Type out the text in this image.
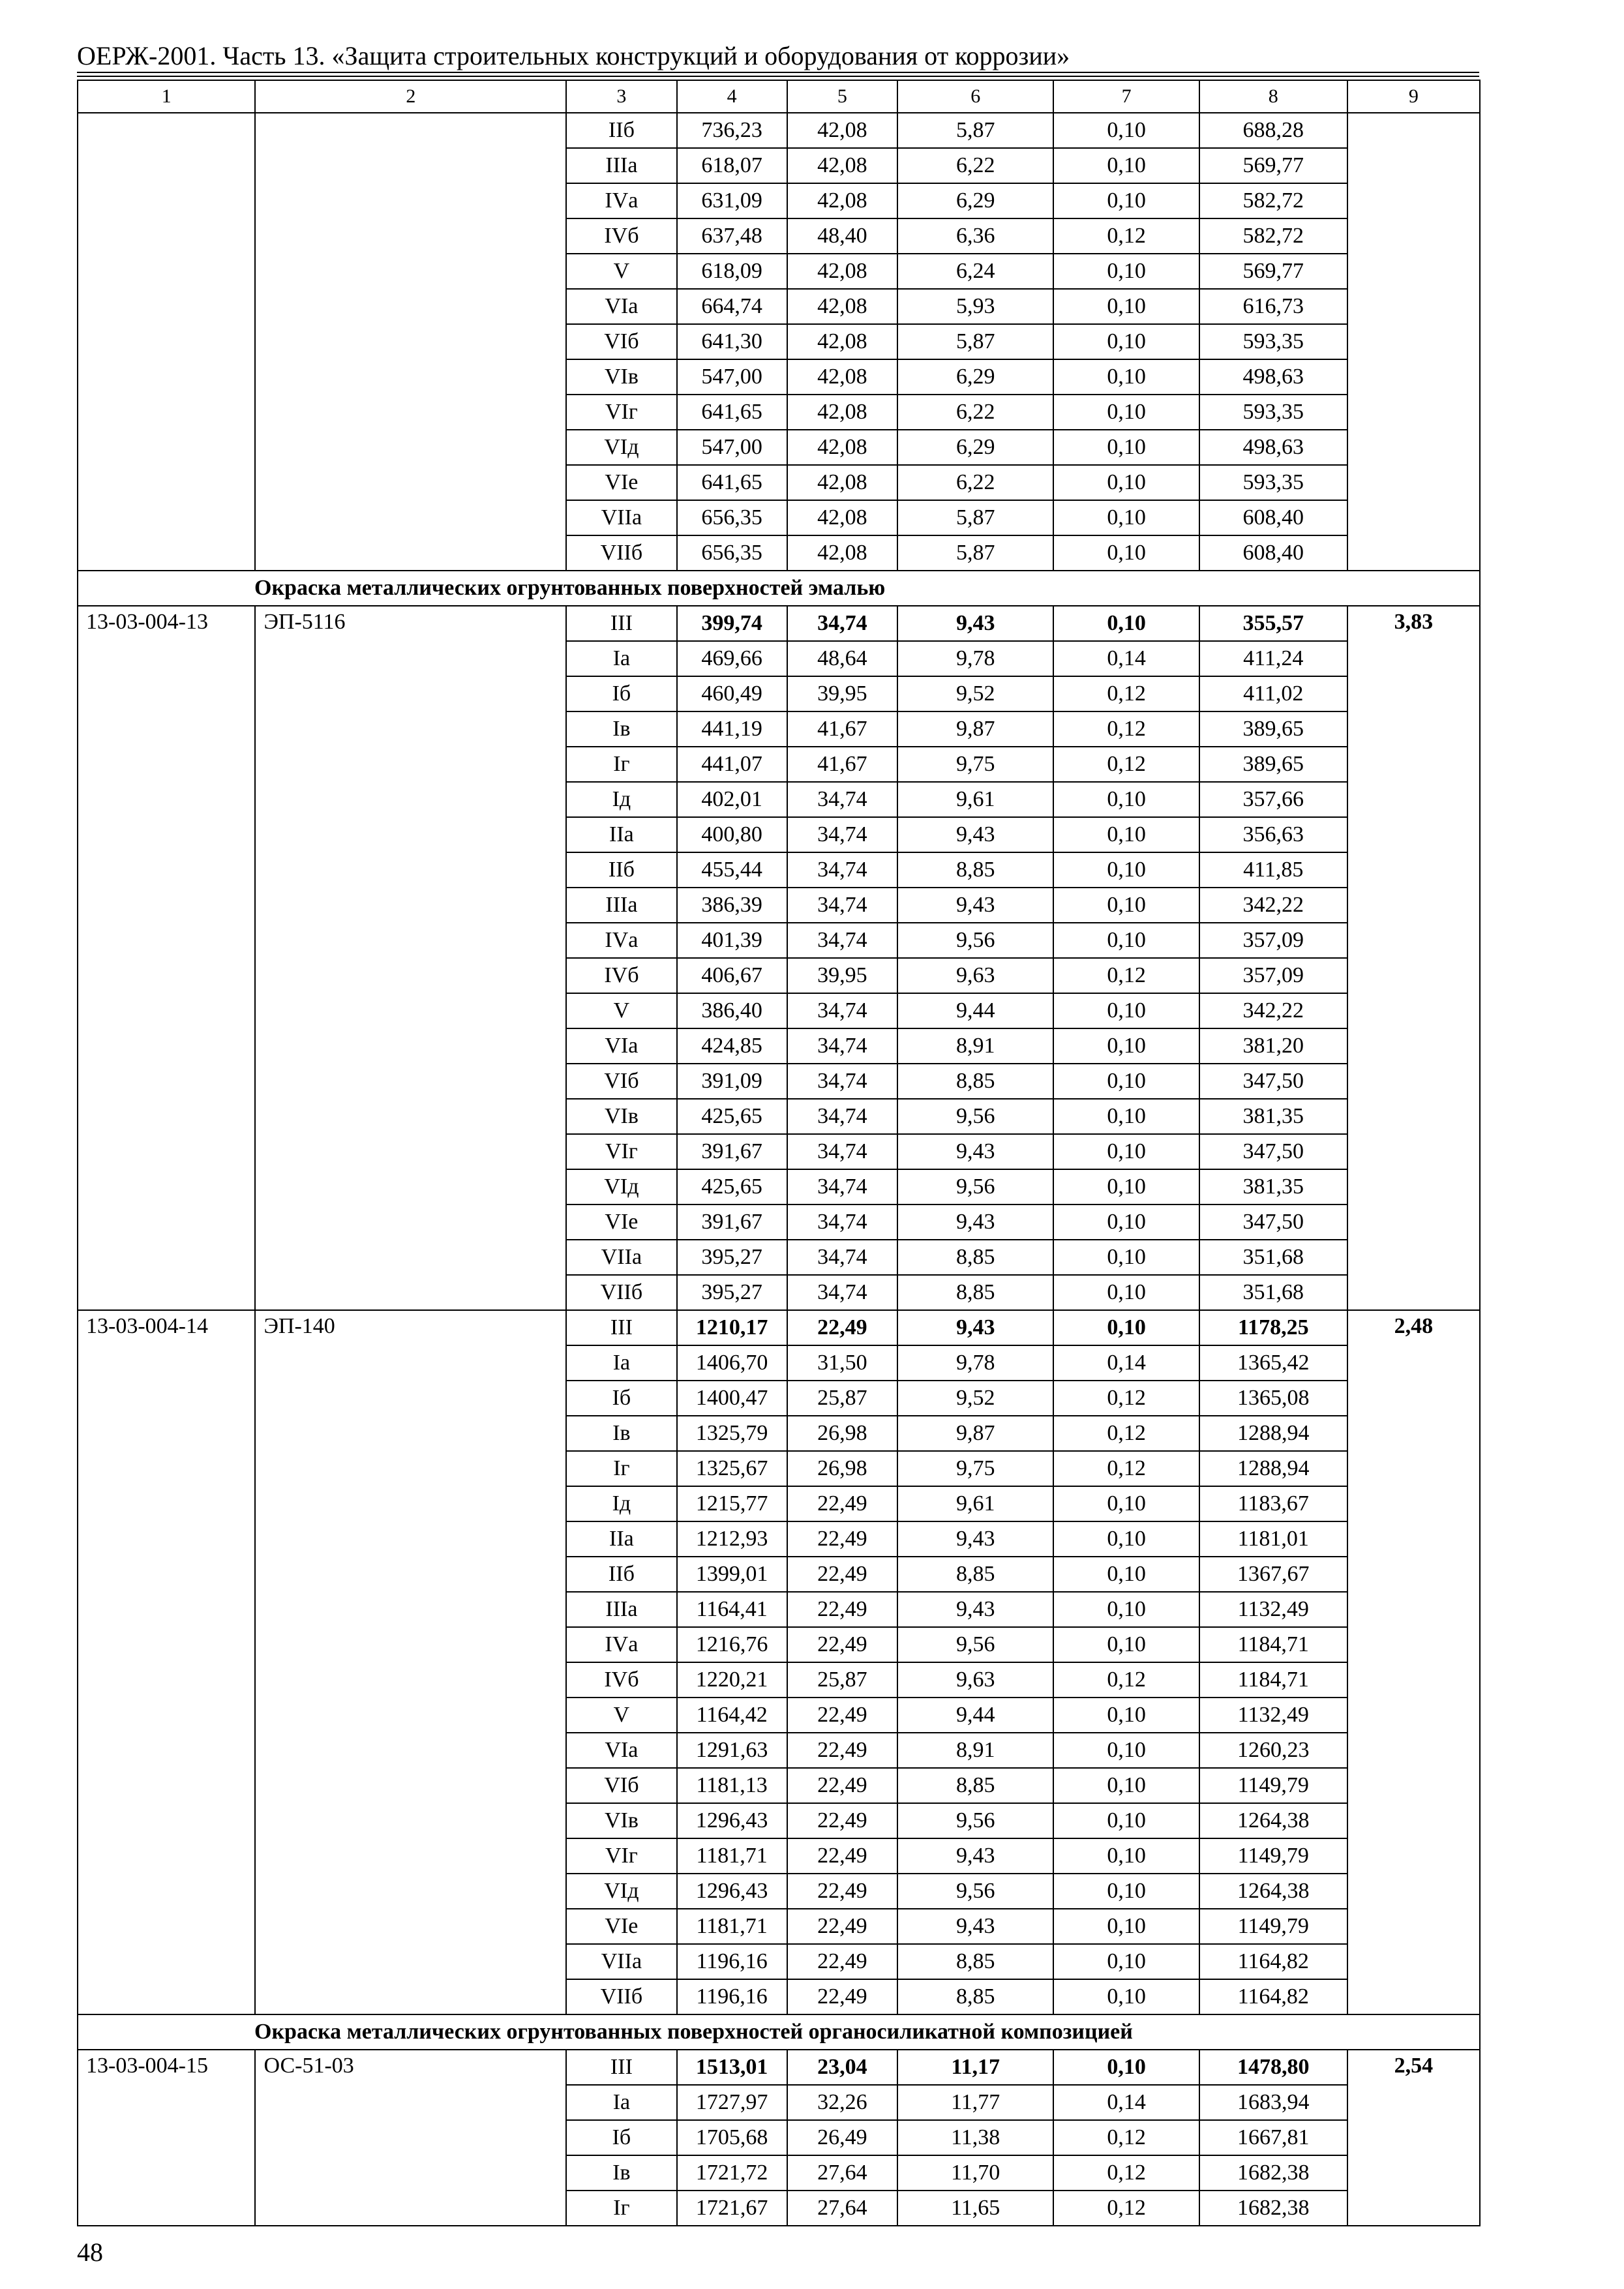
ОЕРЖ-2001. Часть 13. «Защита строительных конструкций и оборудования от коррозии»
1	2	3	4	5	6	7	8	9
		IIб	736,23	42,08	5,87	0,10	688,28	
		IIIа	618,07	42,08	6,22	0,10	569,77	
		IVа	631,09	42,08	6,29	0,10	582,72	
		IVб	637,48	48,40	6,36	0,12	582,72	
		V	618,09	42,08	6,24	0,10	569,77	
		VIа	664,74	42,08	5,93	0,10	616,73	
		VIб	641,30	42,08	5,87	0,10	593,35	
		VIв	547,00	42,08	6,29	0,10	498,63	
		VIг	641,65	42,08	6,22	0,10	593,35	
		VIд	547,00	42,08	6,29	0,10	498,63	
		VIе	641,65	42,08	6,22	0,10	593,35	
		VIIа	656,35	42,08	5,87	0,10	608,40	
		VIIб	656,35	42,08	5,87	0,10	608,40	
Окраска металлических огрунтованных поверхностей эмалью								
13-03-004-13	ЭП-5116	III	399,74	34,74	9,43	0,10	355,57	3,83
		Iа	469,66	48,64	9,78	0,14	411,24	
		Iб	460,49	39,95	9,52	0,12	411,02	
		Iв	441,19	41,67	9,87	0,12	389,65	
		Iг	441,07	41,67	9,75	0,12	389,65	
		Iд	402,01	34,74	9,61	0,10	357,66	
		IIа	400,80	34,74	9,43	0,10	356,63	
		IIб	455,44	34,74	8,85	0,10	411,85	
		IIIа	386,39	34,74	9,43	0,10	342,22	
		IVа	401,39	34,74	9,56	0,10	357,09	
		IVб	406,67	39,95	9,63	0,12	357,09	
		V	386,40	34,74	9,44	0,10	342,22	
		VIа	424,85	34,74	8,91	0,10	381,20	
		VIб	391,09	34,74	8,85	0,10	347,50	
		VIв	425,65	34,74	9,56	0,10	381,35	
		VIг	391,67	34,74	9,43	0,10	347,50	
		VIд	425,65	34,74	9,56	0,10	381,35	
		VIе	391,67	34,74	9,43	0,10	347,50	
		VIIа	395,27	34,74	8,85	0,10	351,68	
		VIIб	395,27	34,74	8,85	0,10	351,68	
13-03-004-14	ЭП-140	III	1210,17	22,49	9,43	0,10	1178,25	2,48
		Iа	1406,70	31,50	9,78	0,14	1365,42	
		Iб	1400,47	25,87	9,52	0,12	1365,08	
		Iв	1325,79	26,98	9,87	0,12	1288,94	
		Iг	1325,67	26,98	9,75	0,12	1288,94	
		Iд	1215,77	22,49	9,61	0,10	1183,67	
		IIа	1212,93	22,49	9,43	0,10	1181,01	
		IIб	1399,01	22,49	8,85	0,10	1367,67	
		IIIа	1164,41	22,49	9,43	0,10	1132,49	
		IVа	1216,76	22,49	9,56	0,10	1184,71	
		IVб	1220,21	25,87	9,63	0,12	1184,71	
		V	1164,42	22,49	9,44	0,10	1132,49	
		VIа	1291,63	22,49	8,91	0,10	1260,23	
		VIб	1181,13	22,49	8,85	0,10	1149,79	
		VIв	1296,43	22,49	9,56	0,10	1264,38	
		VIг	1181,71	22,49	9,43	0,10	1149,79	
		VIд	1296,43	22,49	9,56	0,10	1264,38	
		VIе	1181,71	22,49	9,43	0,10	1149,79	
		VIIа	1196,16	22,49	8,85	0,10	1164,82	
		VIIб	1196,16	22,49	8,85	0,10	1164,82	
Окраска металлических огрунтованных поверхностей органосиликатной композицией								
13-03-004-15	ОС-51-03	III	1513,01	23,04	11,17	0,10	1478,80	2,54
		Iа	1727,97	32,26	11,77	0,14	1683,94	
		Iб	1705,68	26,49	11,38	0,12	1667,81	
		Iв	1721,72	27,64	11,70	0,12	1682,38	
		Iг	1721,67	27,64	11,65	0,12	1682,38	
48
